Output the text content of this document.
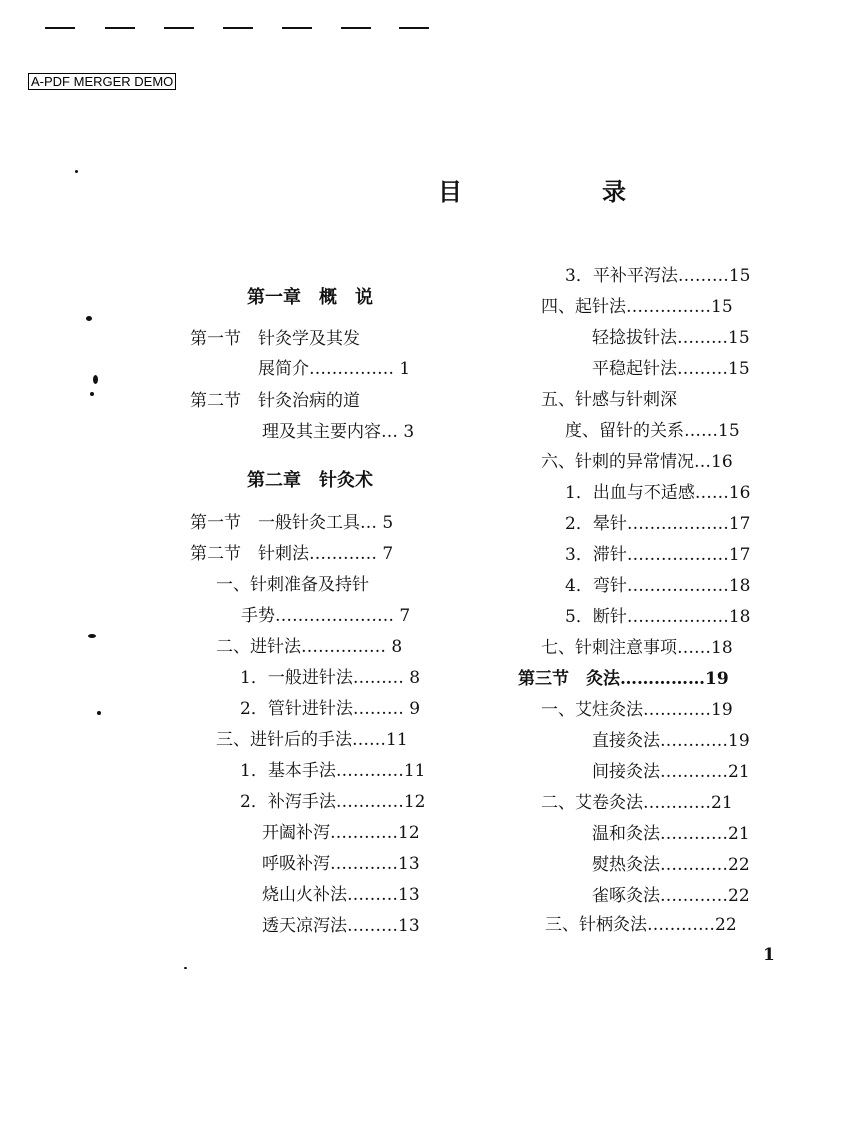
A-PDF MERGER DEMO
目　录
第一章　概　说
第一节　针灸学及其发
展简介…………… 1
第二节　针灸治病的道
理及其主要内容… 3
第二章　针灸术
第一节　一般针灸工具… 5
第二节　针刺法………… 7
一、针刺准备及持针
手势………………… 7
二、进针法…………… 8
1．一般进针法……… 8
2．管针进针法……… 9
三、进针后的手法……11
1．基本手法…………11
2．补泻手法…………12
开阖补泻…………12
呼吸补泻…………13
烧山火补法………13
透天凉泻法………13
3．平补平泻法………15
四、起针法……………15
轻捻拔针法………15
平稳起针法………15
五、针感与针刺深
度、留针的关系……15
六、针刺的异常情况…16
1．出血与不适感……16
2．晕针………………17
3．滞针………………17
4．弯针………………18
5．断针………………18
七、针刺注意事项……18
第三节　灸法……………19
一、艾炷灸法…………19
直接灸法…………19
间接灸法…………21
二、艾卷灸法…………21
温和灸法…………21
熨热灸法…………22
雀啄灸法…………22
三、针柄灸法…………22
1
